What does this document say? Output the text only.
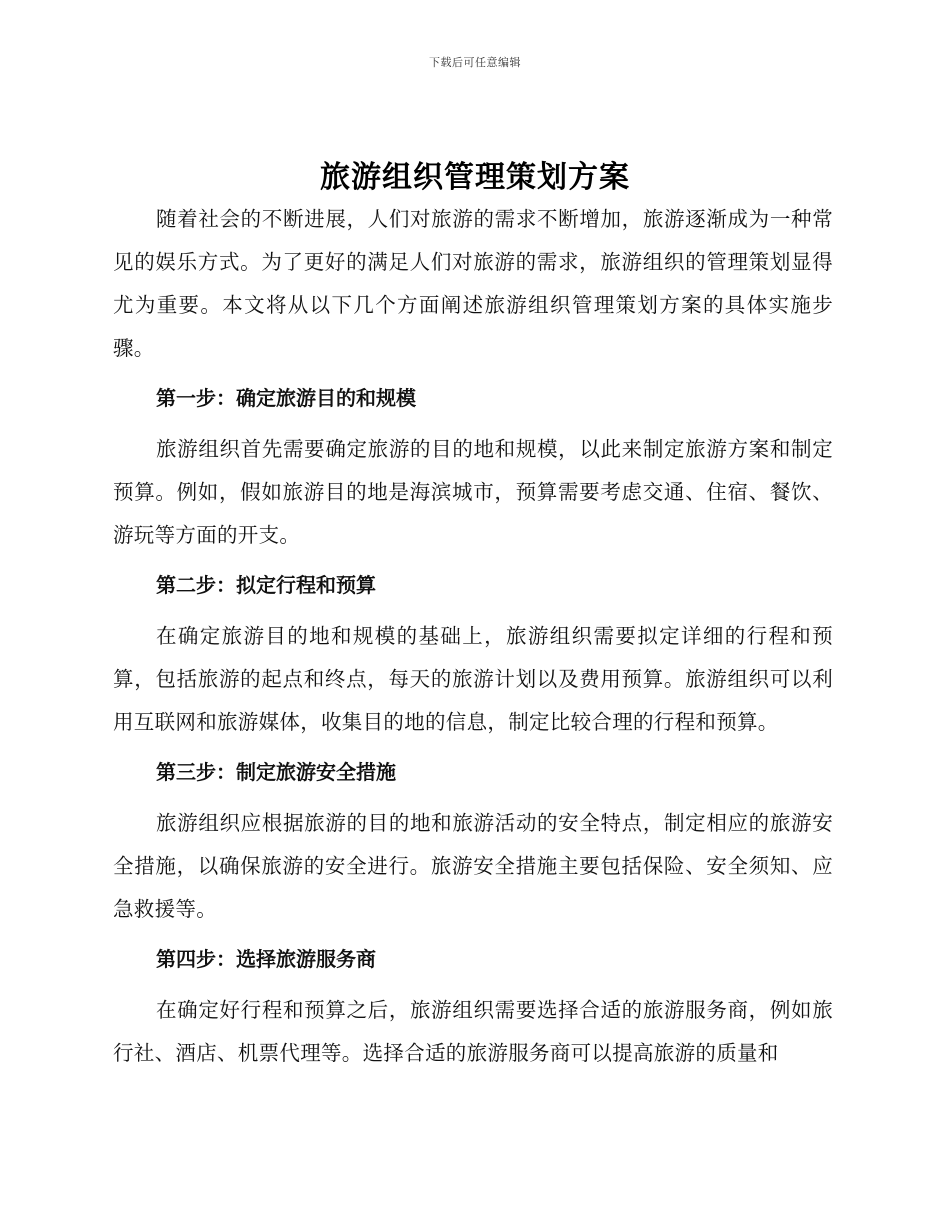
下载后可任意编辑
旅游组织管理策划方案

随着社会的不断进展，人们对旅游的需求不断增加，旅游逐渐成为一种常见的娱乐方式。为了更好的满足人们对旅游的需求，旅游组织的管理策划显得尤为重要。本文将从以下几个方面阐述旅游组织管理策划方案的具体实施步骤。

第一步：确定旅游目的和规模

旅游组织首先需要确定旅游的目的地和规模，以此来制定旅游方案和制定预算。例如，假如旅游目的地是海滨城市，预算需要考虑交通、住宿、餐饮、游玩等方面的开支。

第二步：拟定行程和预算

在确定旅游目的地和规模的基础上，旅游组织需要拟定详细的行程和预算，包括旅游的起点和终点，每天的旅游计划以及费用预算。旅游组织可以利用互联网和旅游媒体，收集目的地的信息，制定比较合理的行程和预算。

第三步：制定旅游安全措施

旅游组织应根据旅游的目的地和旅游活动的安全特点，制定相应的旅游安全措施，以确保旅游的安全进行。旅游安全措施主要包括保险、安全须知、应急救援等。

第四步：选择旅游服务商

在确定好行程和预算之后，旅游组织需要选择合适的旅游服务商，例如旅行社、酒店、机票代理等。选择合适的旅游服务商可以提高旅游的质量和
